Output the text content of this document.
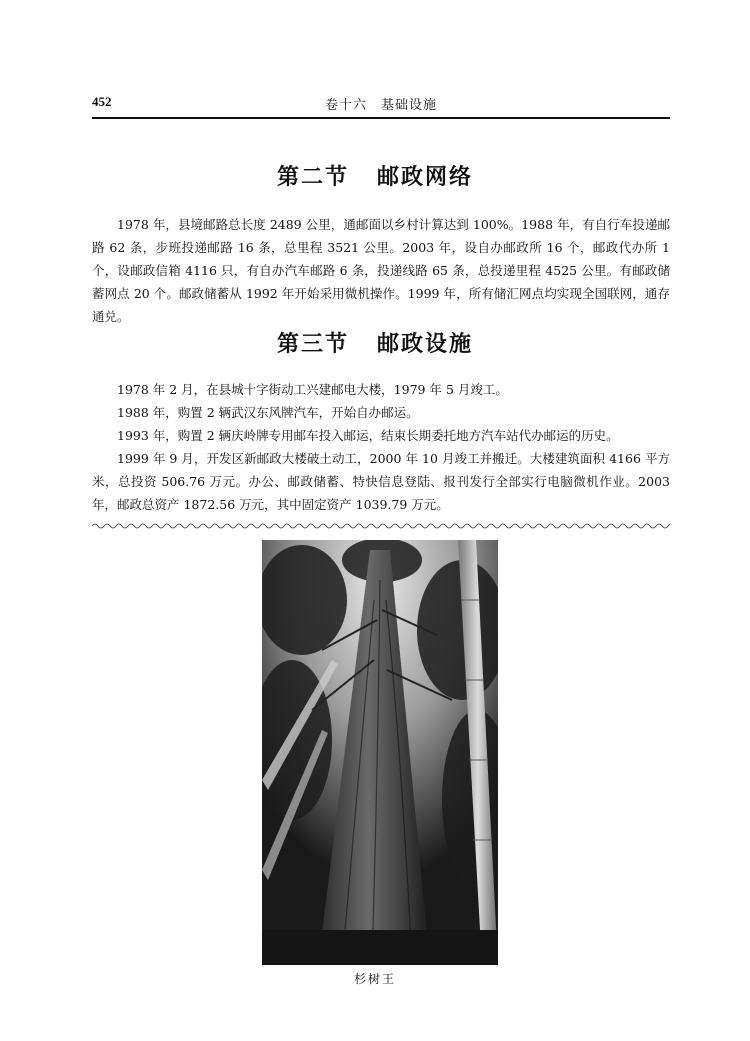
452	卷十六　基础设施
第二节 邮政网络
1978 年，县境邮路总长度 2489 公里，通邮面以乡村计算达到 100%。1988 年，有自行车投递邮路 62 条，步班投递邮路 16 条，总里程 3521 公里。2003 年，设自办邮政所 16 个，邮政代办所 1 个，设邮政信箱 4116 只，有自办汽车邮路 6 条，投递线路 65 条，总投递里程 4525 公里。有邮政储蓄网点 20 个。邮政储蓄从 1992 年开始采用微机操作。1999 年，所有储汇网点均实现全国联网，通存通兑。
第三节 邮政设施
1978 年 2 月，在县城十字街动工兴建邮电大楼，1979 年 5 月竣工。
1988 年，购置 2 辆武汉东风牌汽车，开始自办邮运。
1993 年，购置 2 辆庆岭牌专用邮车投入邮运，结束长期委托地方汽车站代办邮运的历史。
1999 年 9 月，开发区新邮政大楼破土动工，2000 年 10 月竣工并搬迁。大楼建筑面积 4166 平方米，总投资 506.76 万元。办公、邮政储蓄、特快信息登陆、报刊发行全部实行电脑微机作业。2003 年，邮政总资产 1872.56 万元，其中固定资产 1039.79 万元。
杉树王
